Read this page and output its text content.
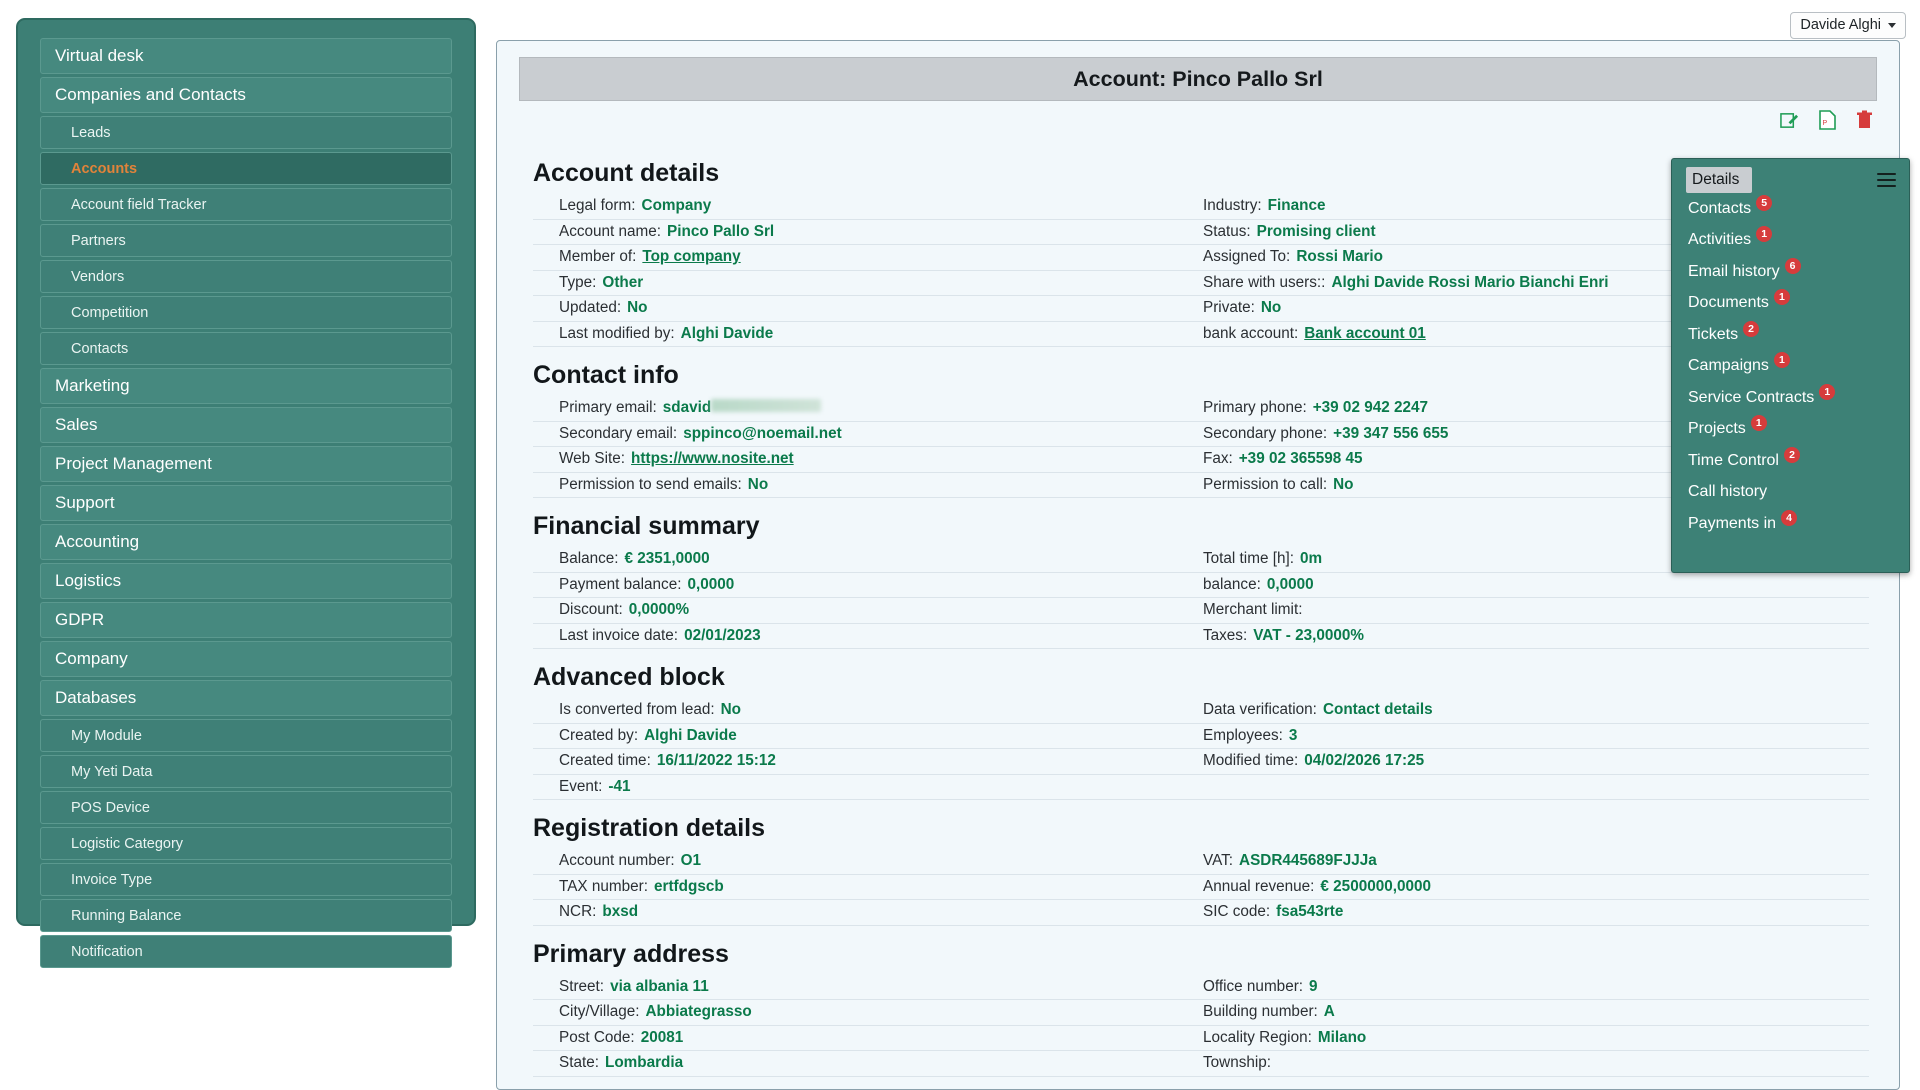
Davide Alghi
Virtual desk
Companies and Contacts
Leads
Accounts
Account field Tracker
Partners
Vendors
Competition
Contacts
Marketing
Sales
Project Management
Support
Accounting
Logistics
GDPR
Company
Databases
My Module
My Yeti Data
POS Device
Logistic Category
Invoice Type
Running Balance
Notification
Account: Pinco Pallo Srl
P
Account details
Legal form: Company	Industry: Finance
Account name: Pinco Pallo Srl	Status: Promising client
Member of: Top company	Assigned To: Rossi Mario
Type: Other	Share with users:: Alghi Davide Rossi Mario Bianchi Enri
Updated: No	Private: No
Last modified by: Alghi Davide	bank account: Bank account 01
Contact info
Primary email: sdavid	Primary phone: +39 02 942 2247
Secondary email: sppinco@noemail.net	Secondary phone: +39 347 556 655
Web Site: https://www.nosite.net	Fax: +39 02 365598 45
Permission to send emails: No	Permission to call: No
Financial summary
Balance: € 2351,0000	Total time [h]: 0m
Payment balance: 0,0000	balance: 0,0000
Discount: 0,0000%	Merchant limit:
Last invoice date: 02/01/2023	Taxes: VAT - 23,0000%
Advanced block
Is converted from lead: No	Data verification: Contact details
Created by: Alghi Davide	Employees: 3
Created time: 16/11/2022 15:12	Modified time: 04/02/2026 17:25
Event: -41
Registration details
Account number: O1	VAT: ASDR445689FJJJa
TAX number: ertfdgscb	Annual revenue: € 2500000,0000
NCR: bxsd	SIC code: fsa543rte
Primary address
Street: via albania 11	Office number: 9
City/Village: Abbiategrasso	Building number: A
Post Code: 20081	Locality Region: Milano
State: Lombardia	Township:
Details
Contacts 5
Activities 1
Email history 6
Documents 1
Tickets 2
Campaigns 1
Service Contracts 1
Projects 1
Time Control 2
Call history
Payments in 4
